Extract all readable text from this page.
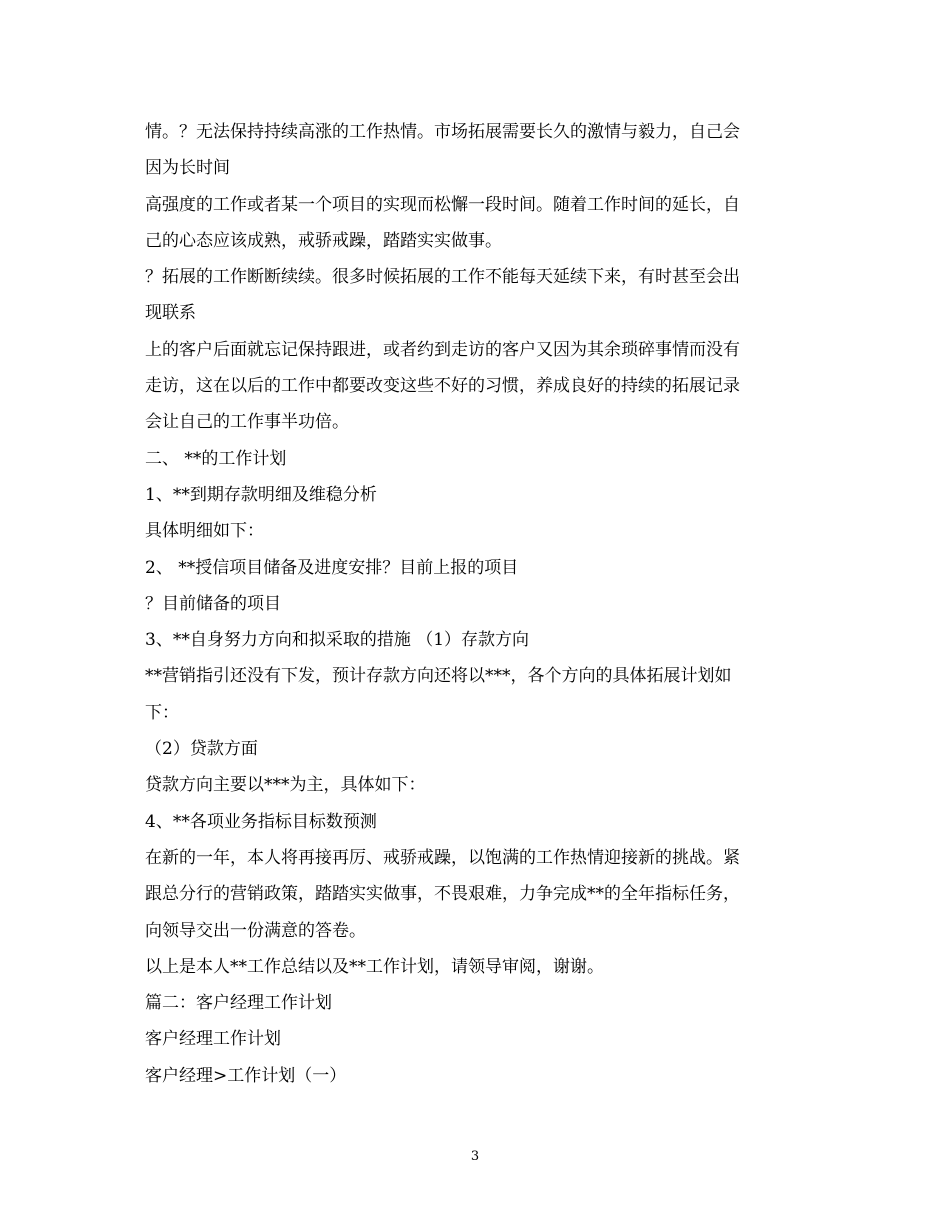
情。？无法保持持续高涨的工作热情。市场拓展需要长久的激情与毅力，自己会
因为长时间
高强度的工作或者某一个项目的实现而松懈一段时间。随着工作时间的延长，自
己的心态应该成熟，戒骄戒躁，踏踏实实做事。
？拓展的工作断断续续。很多时候拓展的工作不能每天延续下来，有时甚至会出
现联系
上的客户后面就忘记保持跟进，或者约到走访的客户又因为其余琐碎事情而没有
走访，这在以后的工作中都要改变这些不好的习惯，养成良好的持续的拓展记录
会让自己的工作事半功倍。
二、 **的工作计划
1、**到期存款明细及维稳分析
具体明细如下：
2、 **授信项目储备及进度安排？目前上报的项目
？目前储备的项目
3、**自身努力方向和拟采取的措施 （1）存款方向
**营销指引还没有下发，预计存款方向还将以***，各个方向的具体拓展计划如
下：
（2）贷款方面
贷款方向主要以***为主，具体如下：
4、**各项业务指标目标数预测
在新的一年，本人将再接再厉、戒骄戒躁，以饱满的工作热情迎接新的挑战。紧
跟总分行的营销政策，踏踏实实做事，不畏艰难，力争完成**的全年指标任务，
向领导交出一份满意的答卷。
以上是本人**工作总结以及**工作计划，请领导审阅，谢谢。
篇二：客户经理工作计划
客户经理工作计划
客户经理>工作计划（一）
3
